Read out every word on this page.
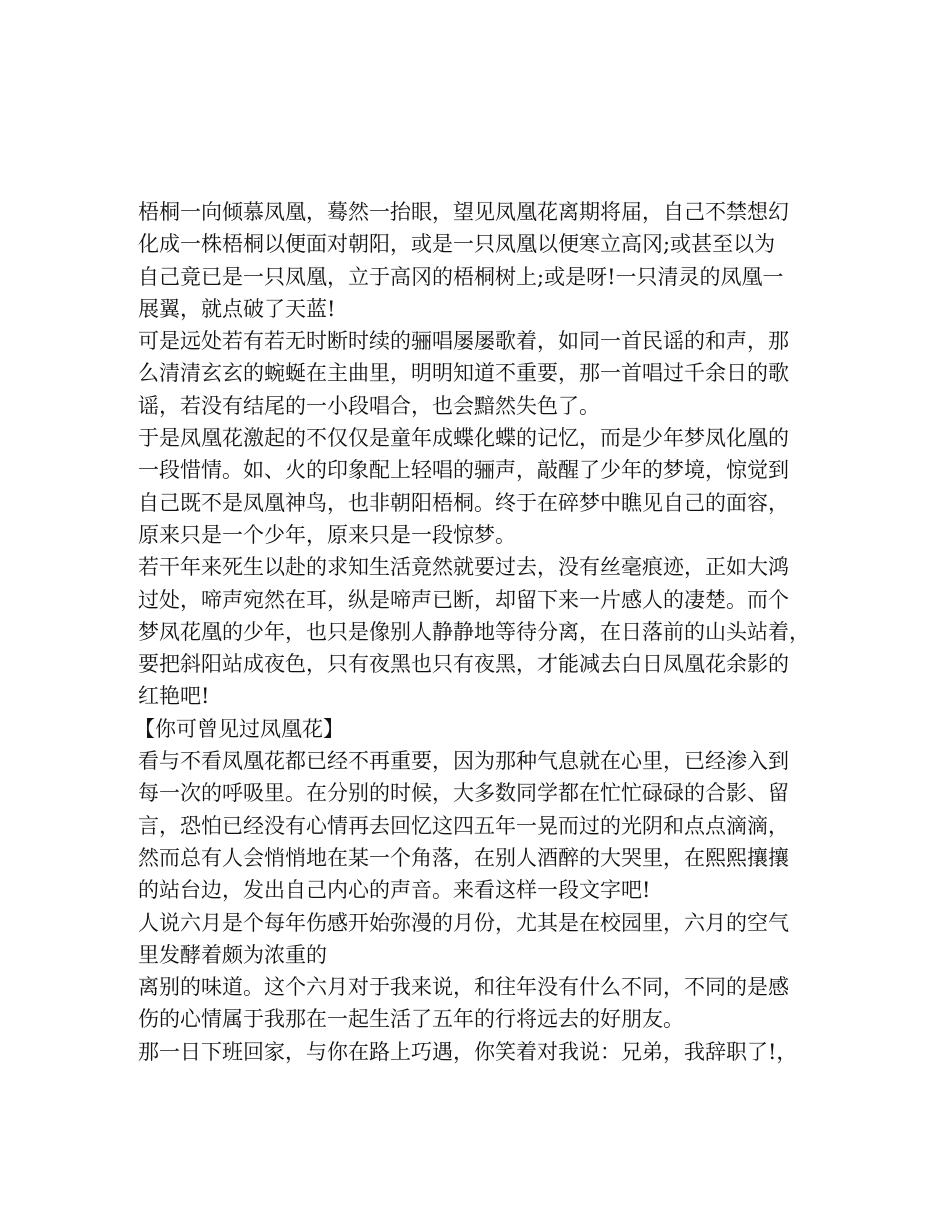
梧桐一向倾慕凤凰，蓦然一抬眼，望见凤凰花离期将届，自己不禁想幻
化成一株梧桐以便面对朝阳，或是一只凤凰以便寒立高冈;或甚至以为
自己竟已是一只凤凰，立于高冈的梧桐树上;或是呀!一只清灵的凤凰一
展翼，就点破了天蓝!
可是远处若有若无时断时续的骊唱屡屡歌着，如同一首民谣的和声，那
么清清玄玄的蜿蜒在主曲里，明明知道不重要，那一首唱过千余日的歌
谣，若没有结尾的一小段唱合，也会黯然失色了。
于是凤凰花激起的不仅仅是童年成蝶化蝶的记忆，而是少年梦凤化凰的
一段惜情。如、火的印象配上轻唱的骊声，敲醒了少年的梦境，惊觉到
自己既不是凤凰神鸟，也非朝阳梧桐。终于在碎梦中瞧见自己的面容，
原来只是一个少年，原来只是一段惊梦。
若干年来死生以赴的求知生活竟然就要过去，没有丝毫痕迹，正如大鸿
过处，啼声宛然在耳，纵是啼声已断，却留下来一片感人的凄楚。而个
梦凤花凰的少年，也只是像别人静静地等待分离，在日落前的山头站着，
要把斜阳站成夜色，只有夜黑也只有夜黑，才能减去白日凤凰花余影的
红艳吧!
【你可曾见过凤凰花】
看与不看凤凰花都已经不再重要，因为那种气息就在心里，已经渗入到
每一次的呼吸里。在分别的时候，大多数同学都在忙忙碌碌的合影、留
言，恐怕已经没有心情再去回忆这四五年一晃而过的光阴和点点滴滴，
然而总有人会悄悄地在某一个角落，在别人酒醉的大哭里，在熙熙攘攘
的站台边，发出自己内心的声音。来看这样一段文字吧!
人说六月是个每年伤感开始弥漫的月份，尤其是在校园里，六月的空气
里发酵着颇为浓重的
离别的味道。这个六月对于我来说，和往年没有什么不同，不同的是感
伤的心情属于我那在一起生活了五年的行将远去的好朋友。
那一日下班回家，与你在路上巧遇，你笑着对我说：兄弟，我辞职了!，
